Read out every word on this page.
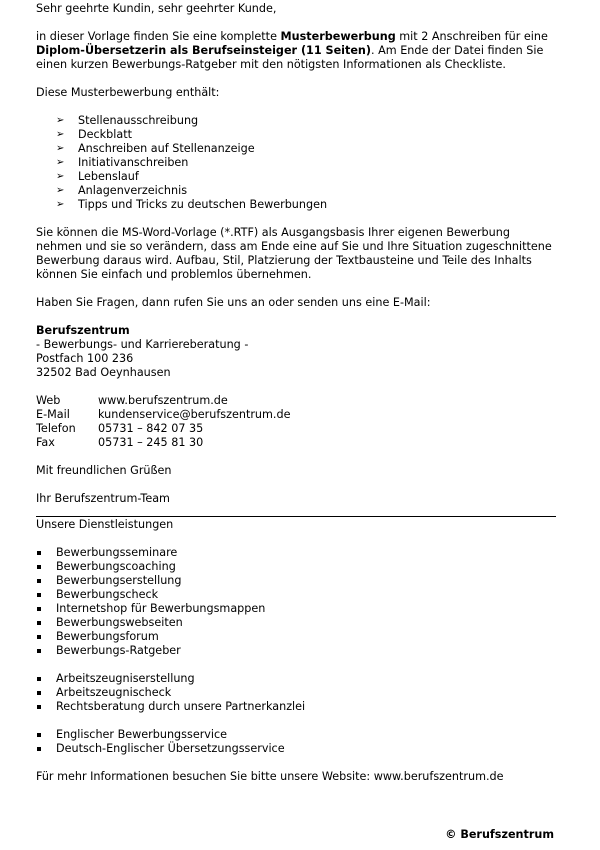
Sehr geehrte Kundin, sehr geehrter Kunde,

in dieser Vorlage finden Sie eine komplette Musterbewerbung mit 2 Anschreiben für eine Diplom-Übersetzerin als Berufseinsteiger (11 Seiten). Am Ende der Datei finden Sie einen kurzen Bewerbungs-Ratgeber mit den nötigsten Informationen als Checkliste.

Diese Musterbewerbung enthält:

➢ Stellenausschreibung
➢ Deckblatt
➢ Anschreiben auf Stellenanzeige
➢ Initiativanschreiben
➢ Lebenslauf
➢ Anlagenverzeichnis
➢ Tipps und Tricks zu deutschen Bewerbungen

Sie können die MS-Word-Vorlage (*.RTF) als Ausgangsbasis Ihrer eigenen Bewerbung nehmen und sie so verändern, dass am Ende eine auf Sie und Ihre Situation zugeschnittene Bewerbung daraus wird. Aufbau, Stil, Platzierung der Textbausteine und Teile des Inhalts können Sie einfach und problemlos übernehmen.

Haben Sie Fragen, dann rufen Sie uns an oder senden uns eine E-Mail:

Berufszentrum

- Bewerbungs- und Karriereberatung -

Postfach 100 236

32502 Bad Oeynhausen

Web	www.berufszentrum.de
E-Mail	kundenservice@berufszentrum.de
Telefon	05731 – 842 07 35
Fax	05731 – 245 81 30

Mit freundlichen Grüßen

Ihr Berufszentrum-Team

Unsere Dienstleistungen

Bewerbungsseminare
Bewerbungscoaching
Bewerbungserstellung
Bewerbungscheck
Internetshop für Bewerbungsmappen
Bewerbungswebseiten
Bewerbungsforum
Bewerbungs-Ratgeber
Arbeitszeugniserstellung
Arbeitszeugnischeck
Rechtsberatung durch unsere Partnerkanzlei
Englischer Bewerbungsservice
Deutsch-Englischer Übersetzungsservice

Für mehr Informationen besuchen Sie bitte unsere Website: www.berufszentrum.de

© Berufszentrum
